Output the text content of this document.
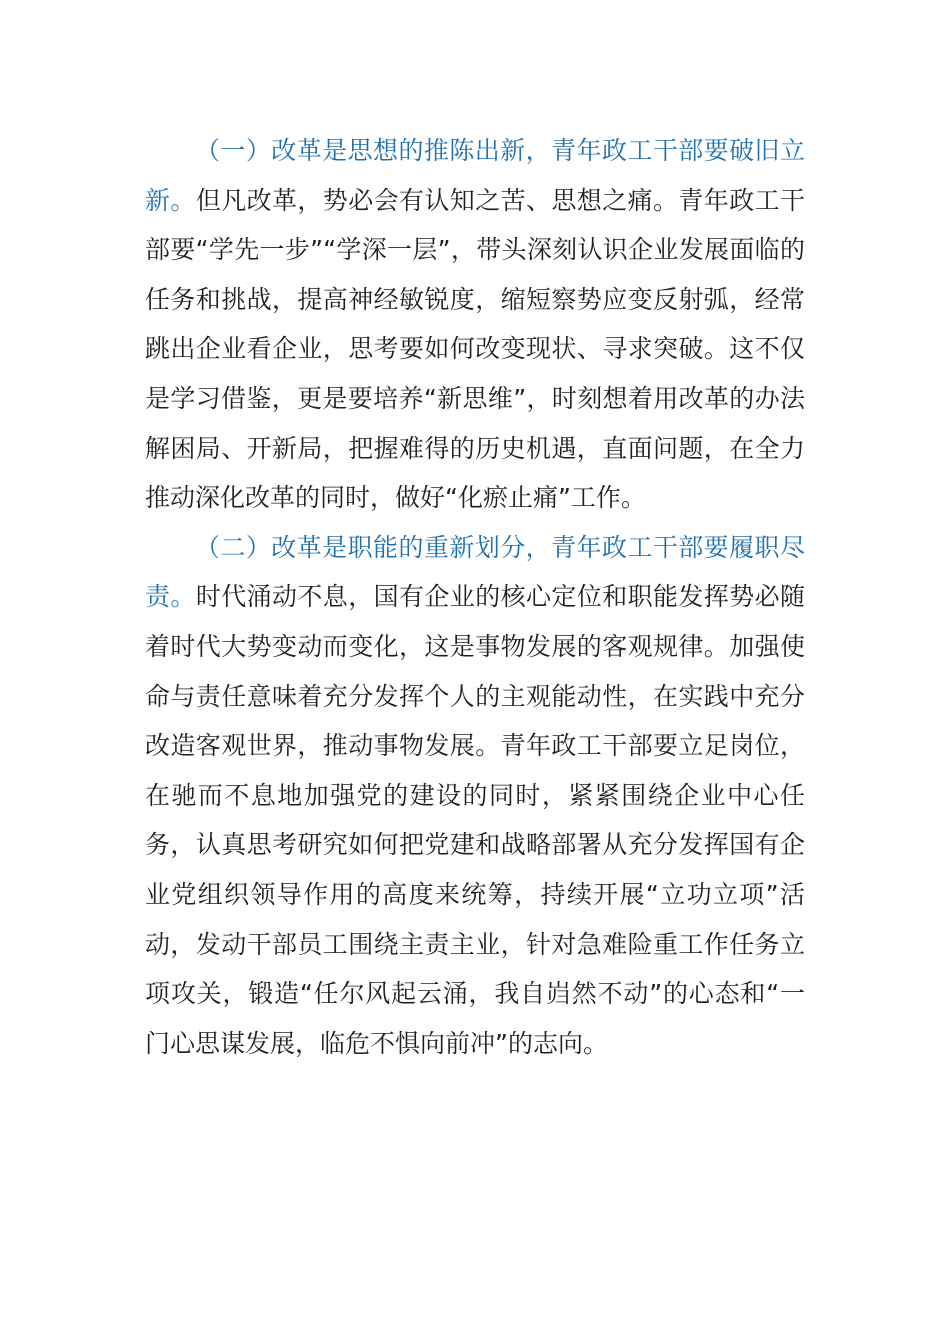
（一）改革是思想的推陈出新，青年政工干部要破旧立新。但凡改革，势必会有认知之苦、思想之痛。青年政工干部要“学先一步”“学深一层”，带头深刻认识企业发展面临的任务和挑战，提高神经敏锐度，缩短察势应变反射弧，经常跳出企业看企业，思考要如何改变现状、寻求突破。这不仅是学习借鉴，更是要培养“新思维”，时刻想着用改革的办法解困局、开新局，把握难得的历史机遇，直面问题，在全力推动深化改革的同时，做好“化瘀止痛”工作。

（二）改革是职能的重新划分，青年政工干部要履职尽责。时代涌动不息，国有企业的核心定位和职能发挥势必随着时代大势变动而变化，这是事物发展的客观规律。加强使命与责任意味着充分发挥个人的主观能动性，在实践中充分改造客观世界，推动事物发展。青年政工干部要立足岗位，在驰而不息地加强党的建设的同时，紧紧围绕企业中心任务，认真思考研究如何把党建和战略部署从充分发挥国有企业党组织领导作用的高度来统筹，持续开展“立功立项”活动，发动干部员工围绕主责主业，针对急难险重工作任务立项攻关，锻造“任尔风起云涌，我自岿然不动”的心态和“一门心思谋发展，临危不惧向前冲”的志向。
